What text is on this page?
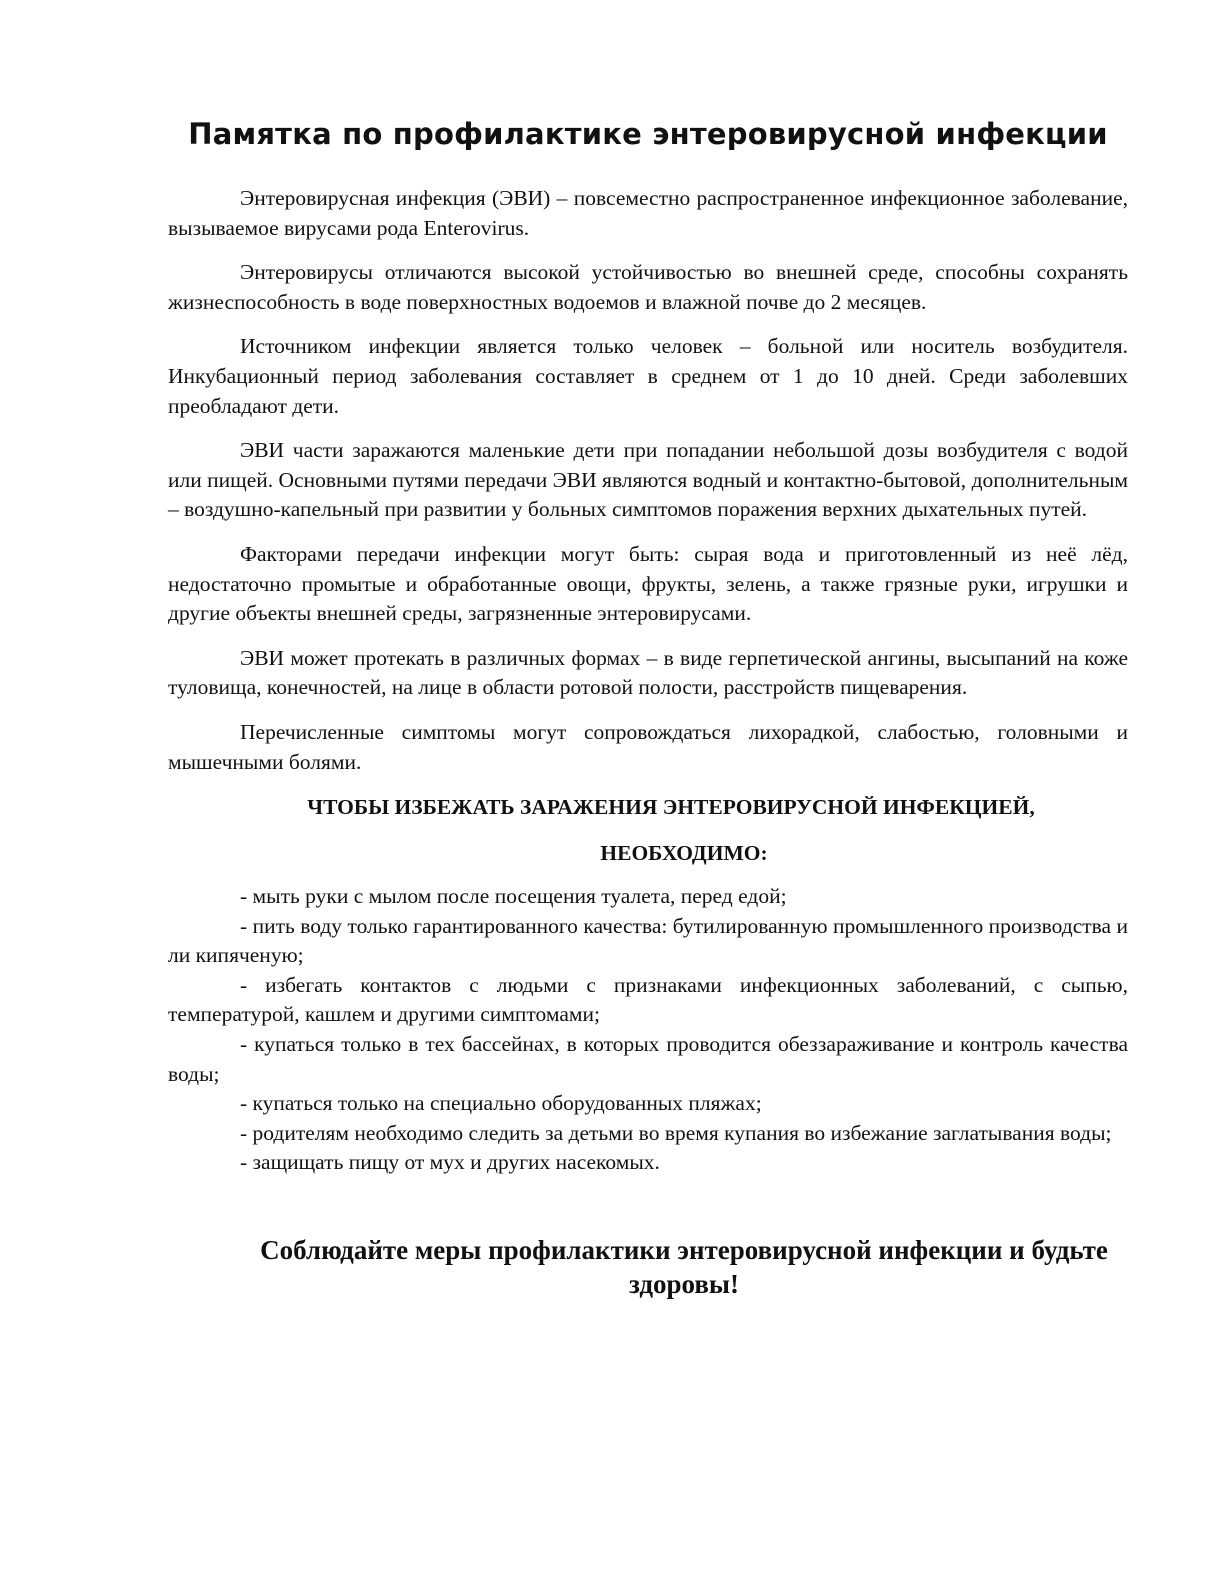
Памятка по профилактике энтеровирусной инфекции

Энтеровирусная инфекция (ЭВИ) – повсеместно распространенное инфекционное заболевание, вызываемое вирусами рода Enterovirus.

Энтеровирусы отличаются высокой устойчивостью во внешней среде, способны сохранять жизнеспособность в воде поверхностных водоемов и влажной почве до 2 месяцев.

Источником инфекции является только человек – больной или носитель возбудителя. Инкубационный период заболевания составляет в среднем от 1 до 10 дней. Среди заболевших преобладают дети.

ЭВИ части заражаются маленькие дети при попадании небольшой дозы возбудителя с водой или пищей. Основными путями передачи ЭВИ являются водный и контактно-бытовой, дополнительным – воздушно-капельный при развитии у больных симптомов поражения верхних дыхательных путей.

Факторами передачи инфекции могут быть: сырая вода и приготовленный из неё лёд, недостаточно промытые и обработанные овощи, фрукты, зелень, а также грязные руки, игрушки и другие объекты внешней среды, загрязненные энтеровирусами.

ЭВИ может протекать в различных формах – в виде герпетической ангины, высыпаний на коже туловища, конечностей, на лице в области ротовой полости, расстройств пищеварения.

Перечисленные симптомы могут сопровождаться лихорадкой, слабостью, головными и мышечными болями.

ЧТОБЫ ИЗБЕЖАТЬ ЗАРАЖЕНИЯ ЭНТЕРОВИРУСНОЙ ИНФЕКЦИЕЙ,
НЕОБХОДИМО:
- мыть руки с мылом после посещения туалета, перед едой;
- пить воду только гарантированного качества: бутилированную промышленного производства и ли кипяченую;
- избегать контактов с людьми с признаками инфекционных заболеваний, с сыпью, температурой, кашлем и другими симптомами;
- купаться только в тех бассейнах, в которых проводится обеззараживание и контроль качества воды;
- купаться только на специально оборудованных пляжах;
- родителям необходимо следить за детьми во время купания во избежание заглатывания воды;
- защищать пищу от мух и других насекомых.
Соблюдайте меры профилактики энтеровирусной инфекции и будьте здоровы!
